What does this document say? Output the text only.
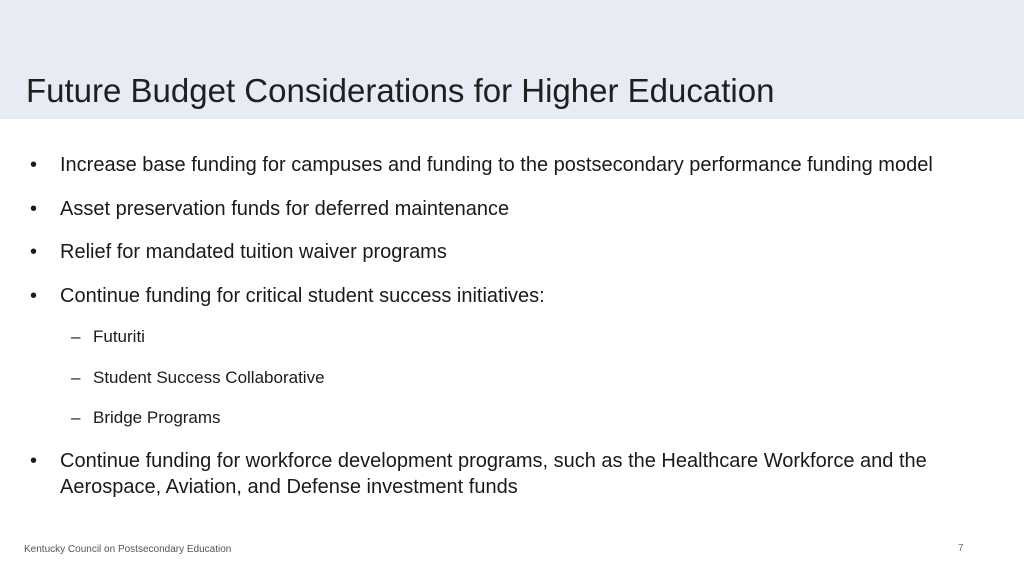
Future Budget Considerations for Higher Education
• Increase base funding for campuses and funding to the postsecondary performance funding model
• Asset preservation funds for deferred maintenance
• Relief for mandated tuition waiver programs
• Continue funding for critical student success initiatives:
– Futuriti
– Student Success Collaborative
– Bridge Programs
• Continue funding for workforce development programs, such as the Healthcare Workforce and the Aerospace, Aviation, and Defense investment funds
Kentucky Council on Postsecondary Education	7
